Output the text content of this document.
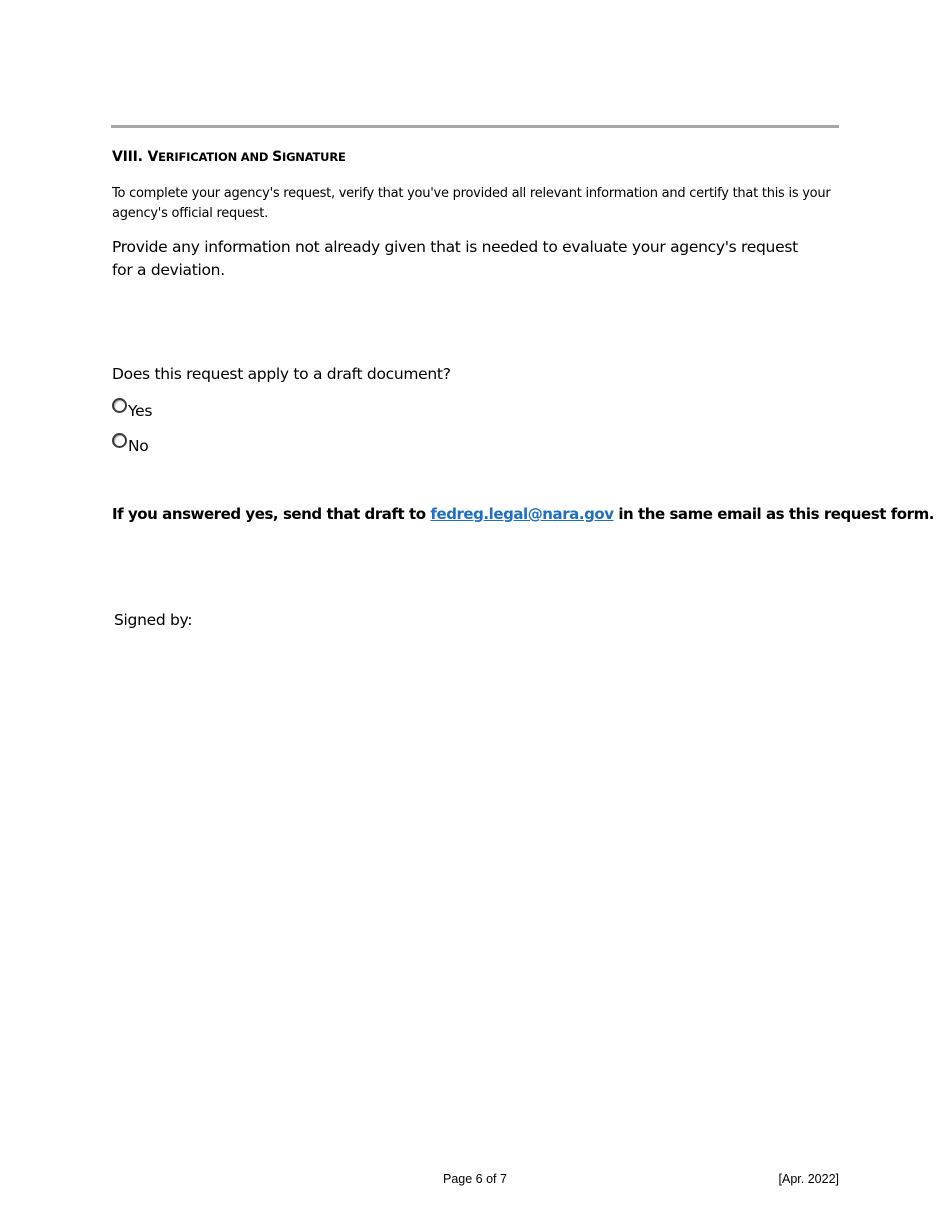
VIII. VERIFICATION AND SIGNATURE
To complete your agency's request, verify that you've provided all relevant information and certify that this is your agency's official request.
Provide any information not already given that is needed to evaluate your agency's request for a deviation.
Does this request apply to a draft document?
Yes
No
If you answered yes, send that draft to fedreg.legal@nara.gov in the same email as this request form.
Signed by:
Page 6 of 7	[Apr. 2022]
